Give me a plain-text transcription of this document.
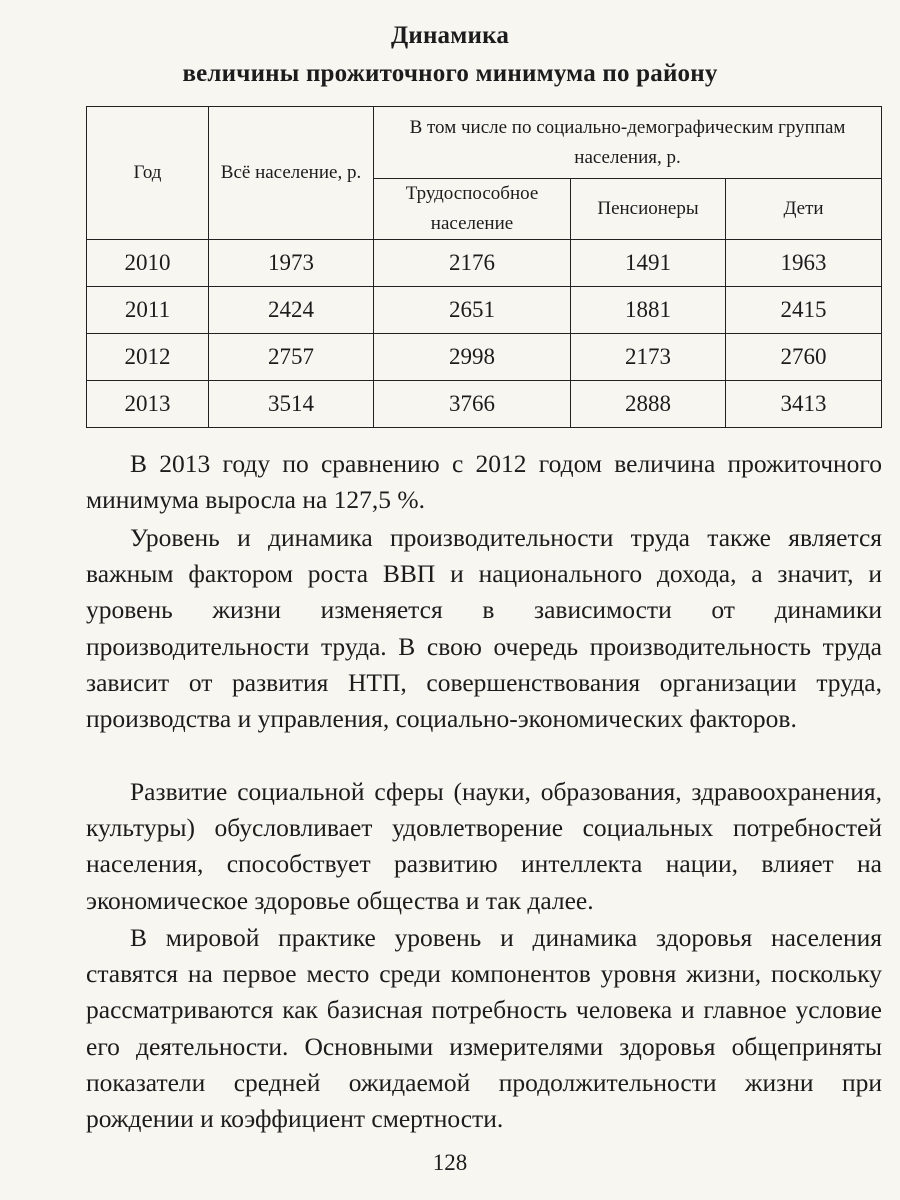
Динамика
величины прожиточного минимума по району
Год	Всё население, р.	В том числе по социально-демографическим группам населения, р.		
		Трудоспособное население	Пенсионеры	Дети
2010	1973	2176	1491	1963
2011	2424	2651	1881	2415
2012	2757	2998	2173	2760
2013	3514	3766	2888	3413

В 2013 году по сравнению с 2012 годом величина прожиточного минимума выросла на 127,5 %.

Уровень и динамика производительности труда также является важным фактором роста ВВП и национального дохода, а значит, и уровень жизни изменяется в зависимости от динамики производительности труда. В свою очередь производительность труда зависит от развития НТП, совершенствования организации труда, производства и управления, социально-экономических факторов.

Развитие социальной сферы (науки, образования, здравоохранения, культуры) обусловливает удовлетворение социальных потребностей населения, способствует развитию интеллекта нации, влияет на экономическое здоровье общества и так далее.

В мировой практике уровень и динамика здоровья населения ставятся на первое место среди компонентов уровня жизни, поскольку рассматриваются как базисная потребность человека и главное условие его деятельности. Основными измерителями здоровья общеприняты показатели средней ожидаемой продолжительности жизни при рождении и коэффициент смертности.

128
